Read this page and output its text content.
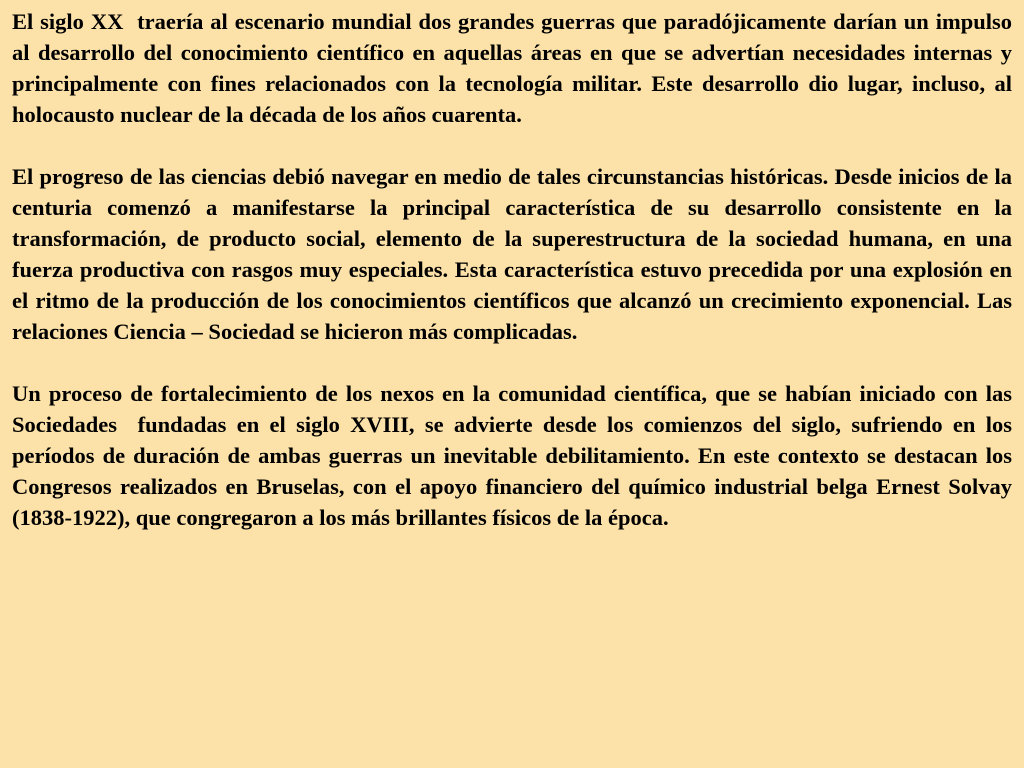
El siglo XX  traería al escenario mundial dos grandes guerras que paradójicamente darían un impulso al desarrollo del conocimiento científico en aquellas áreas en que se advertían necesidades internas y principalmente con fines relacionados con la tecnología militar. Este desarrollo dio lugar, incluso, al holocausto nuclear de la década de los años cuarenta.

El progreso de las ciencias debió navegar en medio de tales circunstancias históricas. Desde inicios de la centuria comenzó a manifestarse la principal característica de su desarrollo consistente en la transformación, de producto social, elemento de la superestructura de la sociedad humana, en una fuerza productiva con rasgos muy especiales. Esta característica estuvo precedida por una explosión en el ritmo de la producción de los conocimientos científicos que alcanzó un crecimiento exponencial. Las relaciones Ciencia – Sociedad se hicieron más complicadas.

Un proceso de fortalecimiento de los nexos en la comunidad científica, que se habían iniciado con las Sociedades  fundadas en el siglo XVIII, se advierte desde los comienzos del siglo, sufriendo en los períodos de duración de ambas guerras un inevitable debilitamiento. En este contexto se destacan los Congresos realizados en Bruselas, con el apoyo financiero del químico industrial belga Ernest Solvay (1838-1922), que congregaron a los más brillantes físicos de la época.
